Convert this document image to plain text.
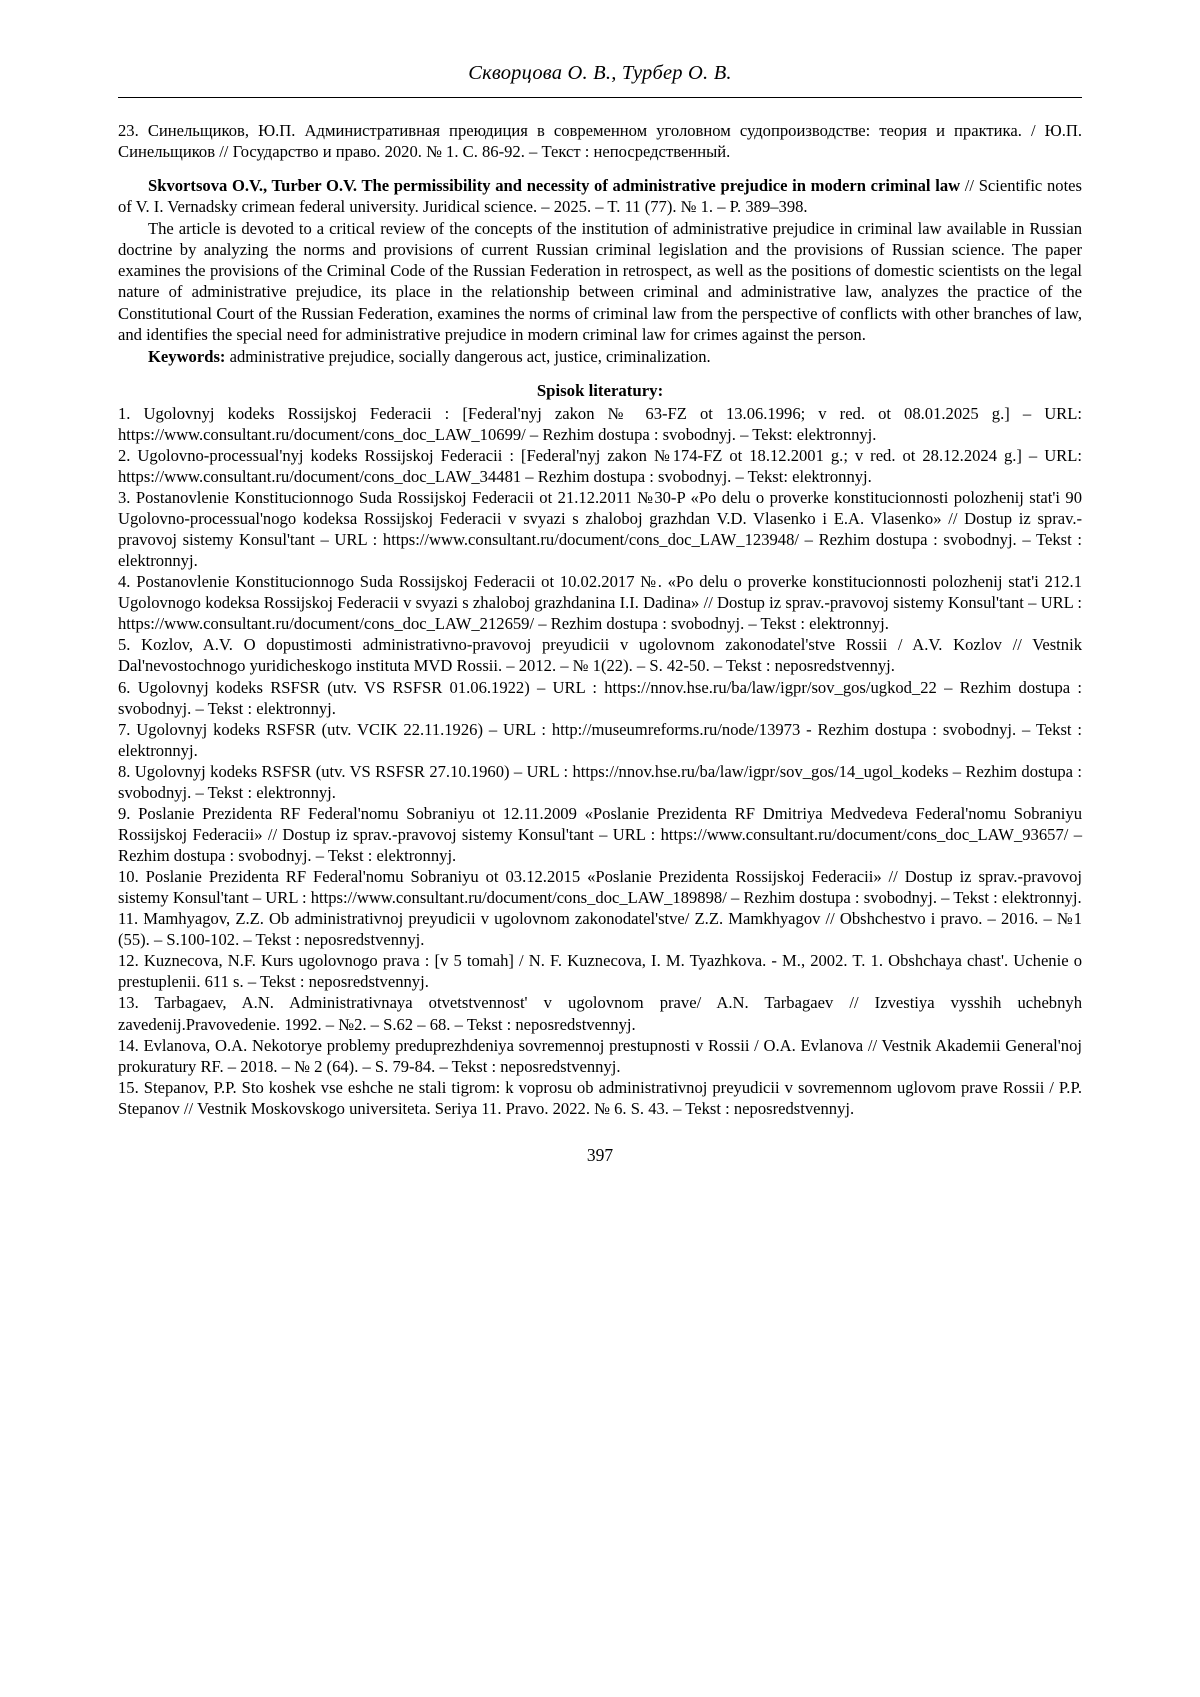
Скворцова О. В., Турбер О. В.

23. Синельщиков, Ю.П. Административная преюдиция в современном уголовном судопроизводстве: теория и практика. / Ю.П. Синельщиков // Государство и право. 2020. № 1. С. 86-92. – Текст : непосредственный.

Skvortsova O.V., Turber O.V. The permissibility and necessity of administrative prejudice in modern criminal law // Scientific notes of V. I. Vernadsky crimean federal university. Juridical science. – 2025. – T. 11 (77). № 1. – P. 389–398.

The article is devoted to a critical review of the concepts of the institution of administrative prejudice in criminal law available in Russian doctrine by analyzing the norms and provisions of current Russian criminal legislation and the provisions of Russian science. The paper examines the provisions of the Criminal Code of the Russian Federation in retrospect, as well as the positions of domestic scientists on the legal nature of administrative prejudice, its place in the relationship between criminal and administrative law, analyzes the practice of the Constitutional Court of the Russian Federation, examines the norms of criminal law from the perspective of conflicts with other branches of law, and identifies the special need for administrative prejudice in modern criminal law for crimes against the person.

Keywords: administrative prejudice, socially dangerous act, justice, criminalization.

Spisok literatury:

1. Ugolovnyj kodeks Rossijskoj Federacii : [Federal'nyj zakon № 63-FZ ot 13.06.1996; v red. ot 08.01.2025 g.] – URL: https://www.consultant.ru/document/cons_doc_LAW_10699/ – Rezhim dostupa : svobodnyj. – Tekst: elektronnyj.

2. Ugolovno-processual'nyj kodeks Rossijskoj Federacii : [Federal'nyj zakon №174-FZ ot 18.12.2001 g.; v red. ot 28.12.2024 g.] – URL: https://www.consultant.ru/document/cons_doc_LAW_34481 – Rezhim dostupa : svobodnyj. – Tekst: elektronnyj.

3. Postanovlenie Konstitucionnogo Suda Rossijskoj Federacii ot 21.12.2011 №30-P «Po delu o proverke konstitucionnosti polozhenij stat'i 90 Ugolovno-processual'nogo kodeksa Rossijskoj Federacii v svyazi s zhaloboj grazhdan V.D. Vlasenko i E.A. Vlasenko» // Dostup iz sprav.-pravovoj sistemy Konsul'tant – URL : https://www.consultant.ru/document/cons_doc_LAW_123948/ – Rezhim dostupa : svobodnyj. – Tekst : elektronnyj.

4. Postanovlenie Konstitucionnogo Suda Rossijskoj Federacii ot 10.02.2017 №. «Po delu o proverke konstitucionnosti polozhenij stat'i 212.1 Ugolovnogo kodeksa Rossijskoj Federacii v svyazi s zhaloboj grazhdanina I.I. Dadina» // Dostup iz sprav.-pravovoj sistemy Konsul'tant – URL : https://www.consultant.ru/document/cons_doc_LAW_212659/ – Rezhim dostupa : svobodnyj. – Tekst : elektronnyj.

5. Kozlov, A.V. O dopustimosti administrativno-pravovoj preyudicii v ugolovnom zakonodatel'stve Rossii / A.V. Kozlov // Vestnik Dal'nevostochnogo yuridicheskogo instituta MVD Rossii. – 2012. – № 1(22). – S. 42-50. – Tekst : neposredstvennyj.

6. Ugolovnyj kodeks RSFSR (utv. VS RSFSR 01.06.1922) – URL : https://nnov.hse.ru/ba/law/igpr/sov_gos/ugkod_22 – Rezhim dostupa : svobodnyj. – Tekst : elektronnyj.

7. Ugolovnyj kodeks RSFSR (utv. VCIK 22.11.1926) – URL : http://museumreforms.ru/node/13973 - Rezhim dostupa : svobodnyj. – Tekst : elektronnyj.

8. Ugolovnyj kodeks RSFSR (utv. VS RSFSR 27.10.1960) – URL : https://nnov.hse.ru/ba/law/igpr/sov_gos/14_ugol_kodeks – Rezhim dostupa : svobodnyj. – Tekst : elektronnyj.

9. Poslanie Prezidenta RF Federal'nomu Sobraniyu ot 12.11.2009 «Poslanie Prezidenta RF Dmitriya Medvedeva Federal'nomu Sobraniyu Rossijskoj Federacii» // Dostup iz sprav.-pravovoj sistemy Konsul'tant – URL : https://www.consultant.ru/document/cons_doc_LAW_93657/ – Rezhim dostupa : svobodnyj. – Tekst : elektronnyj.

10. Poslanie Prezidenta RF Federal'nomu Sobraniyu ot 03.12.2015 «Poslanie Prezidenta Rossijskoj Federacii» // Dostup iz sprav.-pravovoj sistemy Konsul'tant – URL : https://www.consultant.ru/document/cons_doc_LAW_189898/ – Rezhim dostupa : svobodnyj. – Tekst : elektronnyj.

11. Mamhyagov, Z.Z. Ob administrativnoj preyudicii v ugolovnom zakonodatel'stve/ Z.Z. Mamkhyagov // Obshchestvo i pravo. – 2016. – №1 (55). – S.100-102. – Tekst : neposredstvennyj.

12. Kuznecova, N.F. Kurs ugolovnogo prava : [v 5 tomah] / N. F. Kuznecova, I. M. Tyazhkova. - M., 2002. T. 1. Obshchaya chast'. Uchenie o prestuplenii. 611 s. – Tekst : neposredstvennyj.

13. Tarbagaev, A.N. Administrativnaya otvetstvennost' v ugolovnom prave/ A.N. Tarbagaev // Izvestiya vysshih uchebnyh zavedenij.Pravovedenie. 1992. – №2. – S.62 – 68. – Tekst : neposredstvennyj.

14. Evlanova, O.A. Nekotorye problemy preduprezhdeniya sovremennoj prestupnosti v Rossii / O.A. Evlanova // Vestnik Akademii General'noj prokuratury RF. – 2018. – № 2 (64). – S. 79-84. – Tekst : neposredstvennyj.

15. Stepanov, P.P. Sto koshek vse eshche ne stali tigrom: k voprosu ob administrativnoj preyudicii v sovremennom uglovom prave Rossii / P.P. Stepanov // Vestnik Moskovskogo universiteta. Seriya 11. Pravo. 2022. № 6. S. 43. – Tekst : neposredstvennyj.

397
